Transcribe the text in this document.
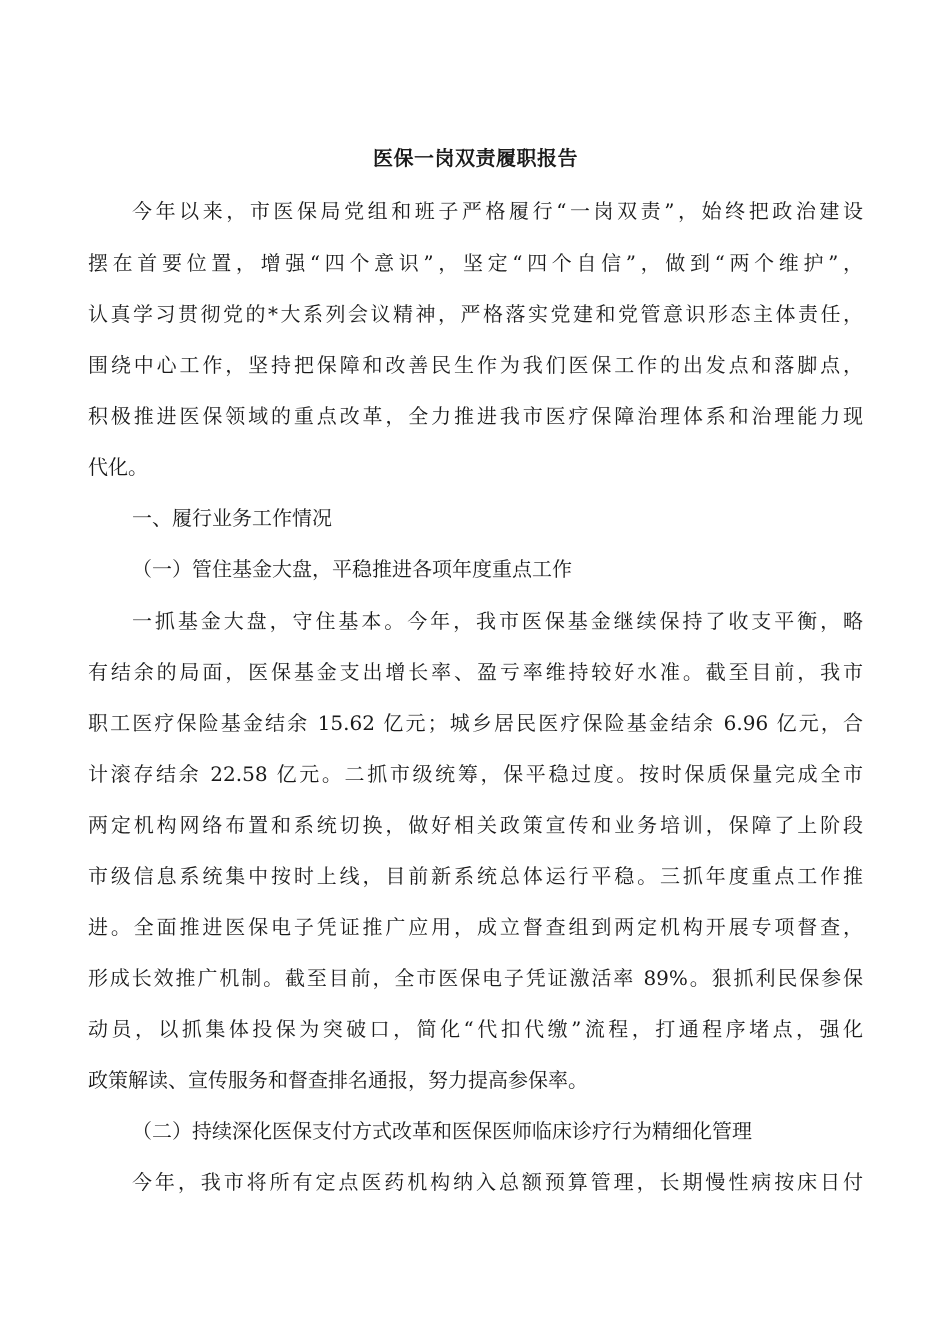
医保一岗双责履职报告
今年以来，市医保局党组和班子严格履行“一岗双责”，始终把政治建设
摆在首要位置，增强“四个意识”，坚定“四个自信”，做到“两个维护”，
认真学习贯彻党的*大系列会议精神，严格落实党建和党管意识形态主体责任，
围绕中心工作，坚持把保障和改善民生作为我们医保工作的出发点和落脚点，
积极推进医保领域的重点改革，全力推进我市医疗保障治理体系和治理能力现
代化。
一、履行业务工作情况
（一）管住基金大盘，平稳推进各项年度重点工作
一抓基金大盘，守住基本。今年，我市医保基金继续保持了收支平衡，略
有结余的局面，医保基金支出增长率、盈亏率维持较好水准。截至目前，我市
职工医疗保险基金结余 15.62 亿元；城乡居民医疗保险基金结余 6.96 亿元，合
计滚存结余 22.58 亿元。二抓市级统筹，保平稳过度。按时保质保量完成全市
两定机构网络布置和系统切换，做好相关政策宣传和业务培训，保障了上阶段
市级信息系统集中按时上线，目前新系统总体运行平稳。三抓年度重点工作推
进。全面推进医保电子凭证推广应用，成立督查组到两定机构开展专项督查，
形成长效推广机制。截至目前，全市医保电子凭证激活率 89%。狠抓利民保参保
动员，以抓集体投保为突破口，简化“代扣代缴”流程，打通程序堵点，强化
政策解读、宣传服务和督查排名通报，努力提高参保率。
（二）持续深化医保支付方式改革和医保医师临床诊疗行为精细化管理
今年，我市将所有定点医药机构纳入总额预算管理，长期慢性病按床日付
